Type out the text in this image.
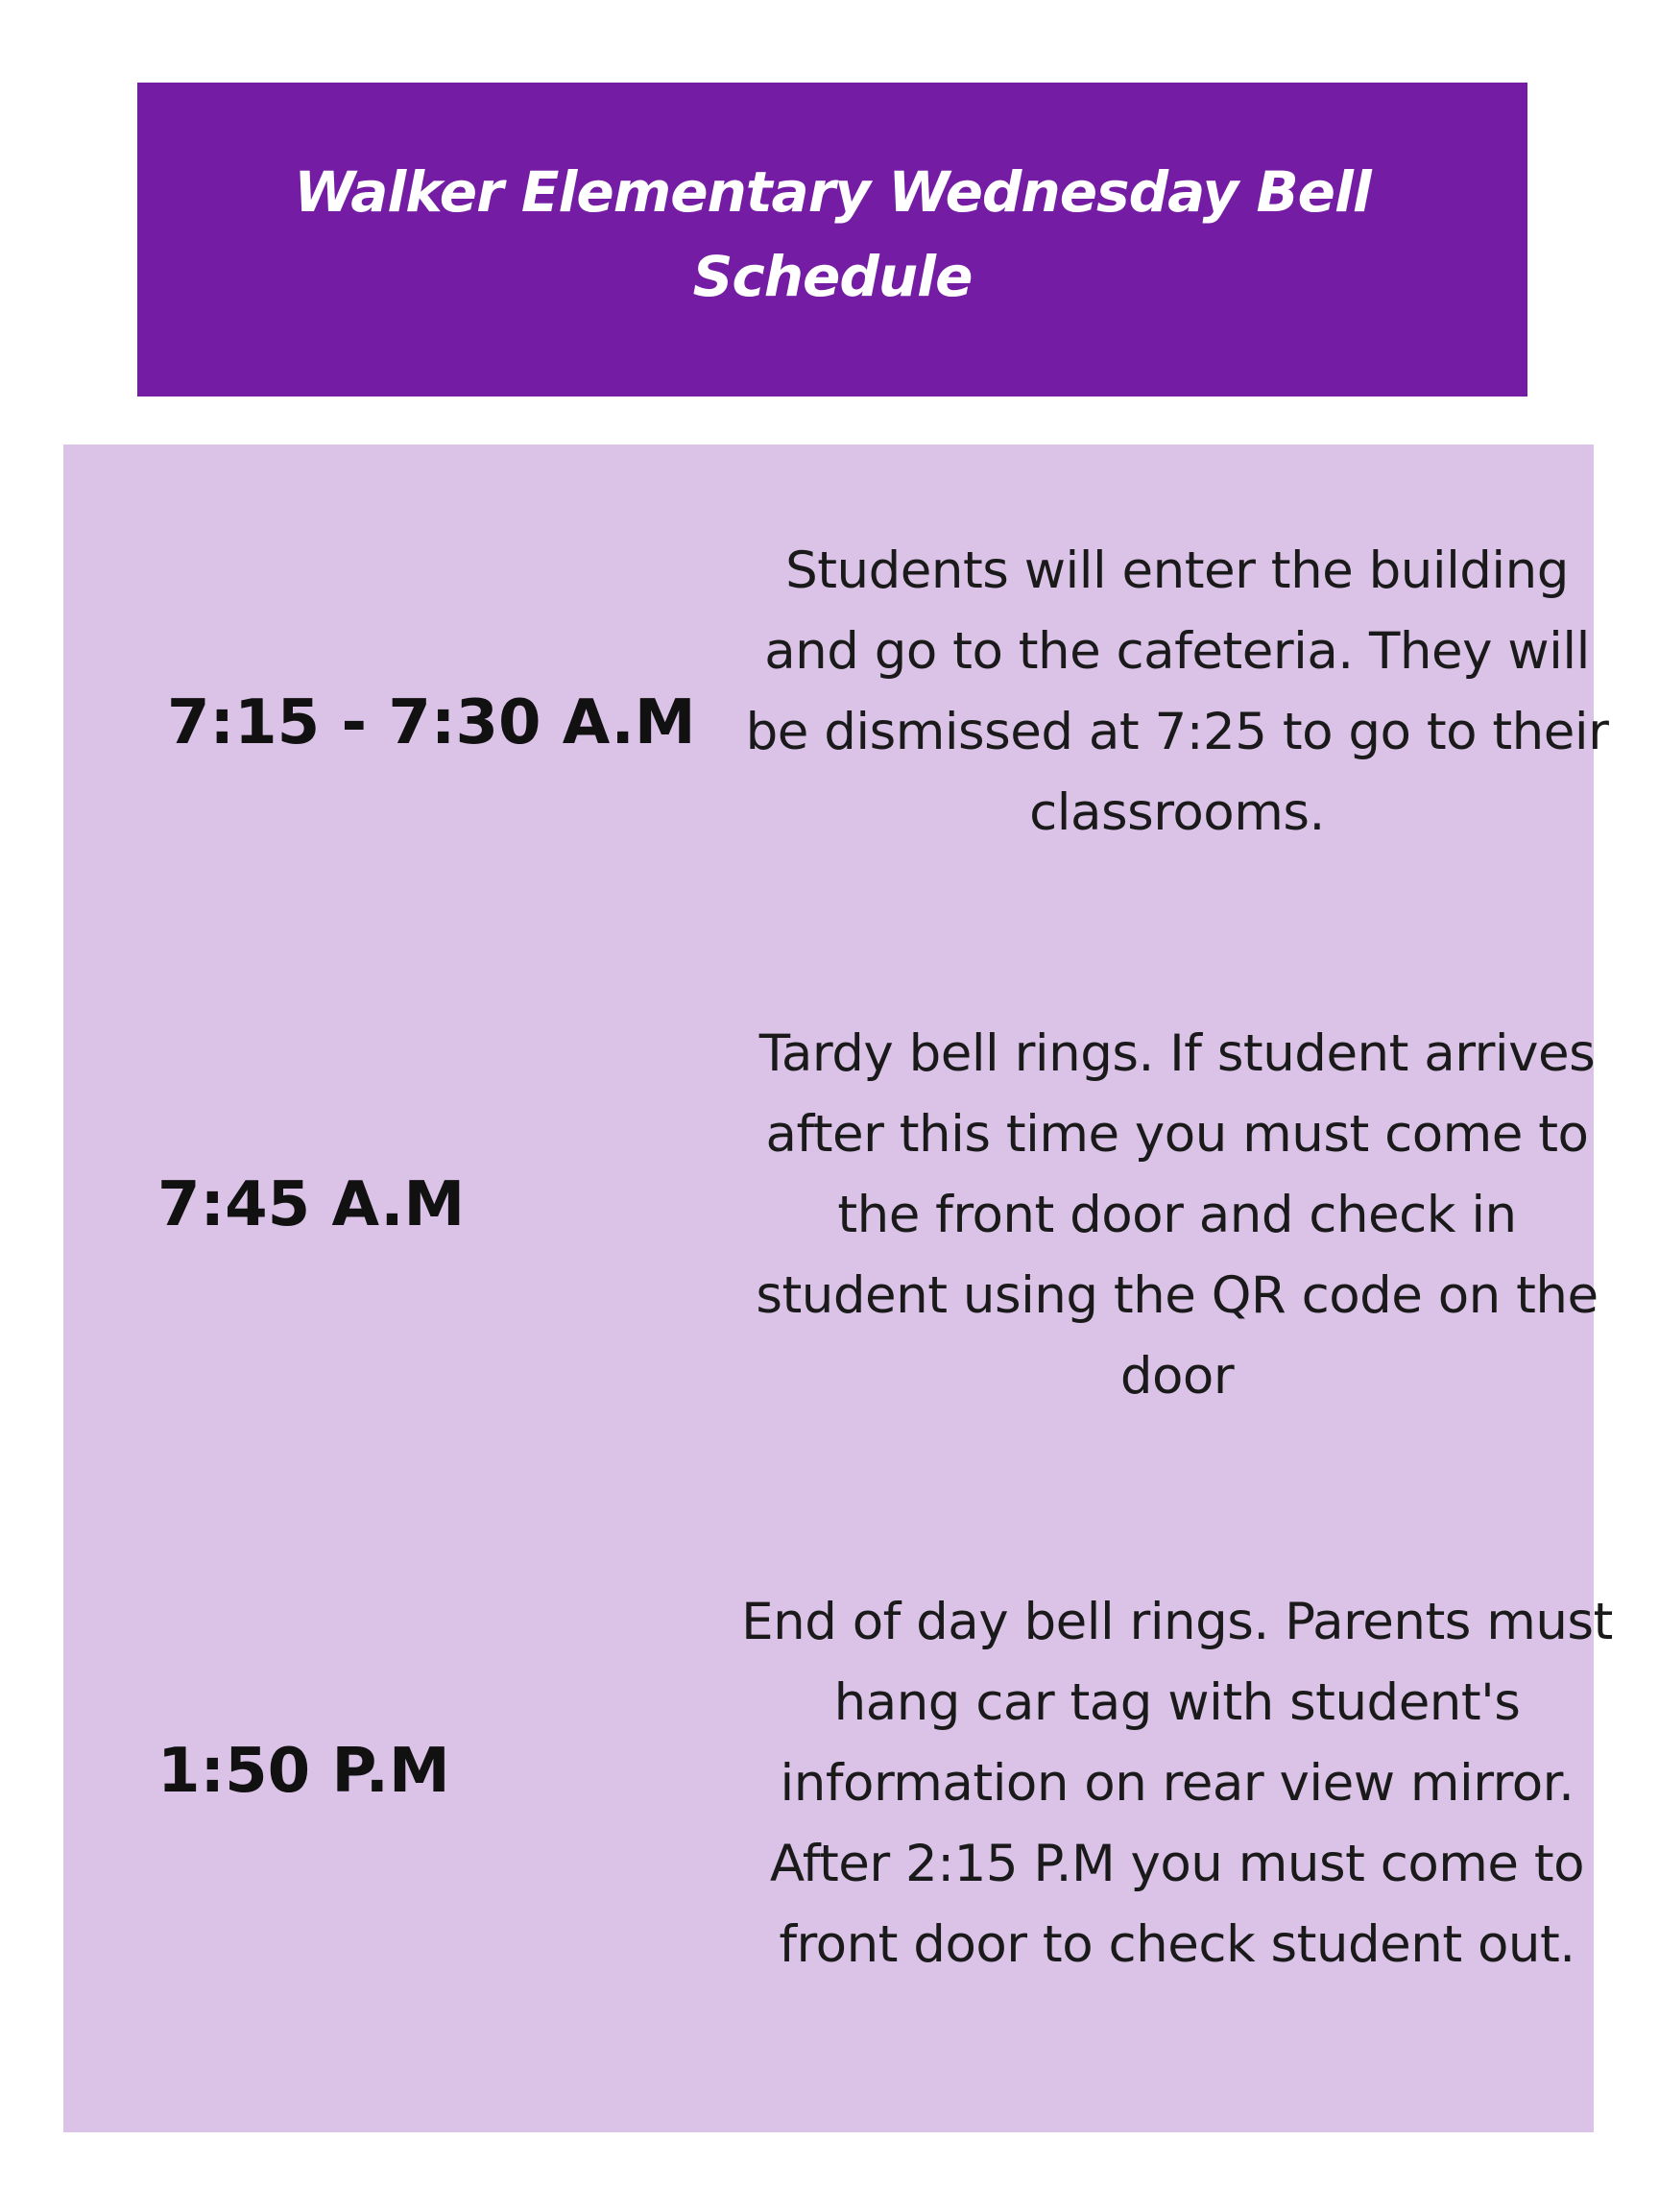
Walker Elementary Wednesday Bell Schedule
7:15 - 7:30 A.M
Students will enter the building and go to the cafeteria. They will be dismissed at 7:25 to go to their classrooms.
7:45 A.M
Tardy bell rings. If student arrives after this time you must come to the front door and check in student using the QR code on the door
1:50 P.M
End of day bell rings. Parents must hang car tag with student's information on rear view mirror. After 2:15 P.M you must come to front door to check student out.
